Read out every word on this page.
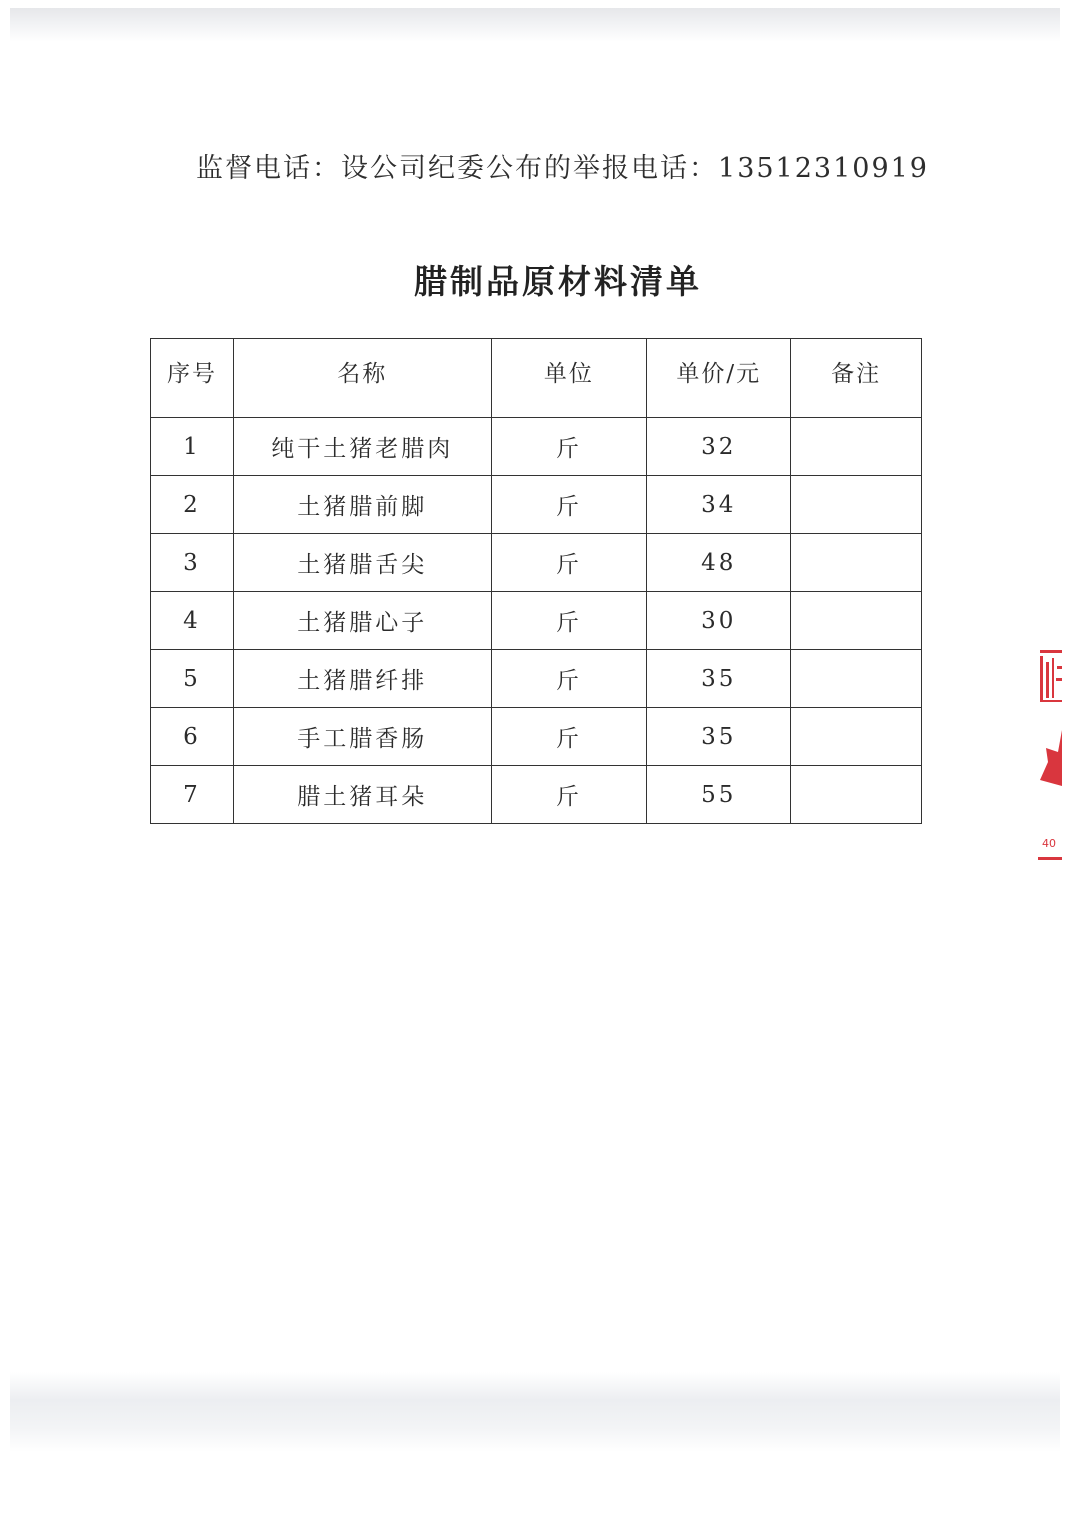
监督电话：设公司纪委公布的举报电话：13512310919
腊制品原材料清单
序号	名称	单位	单价/元	备注
1	纯干土猪老腊肉	斤	32	
2	土猪腊前脚	斤	34	
3	土猪腊舌尖	斤	48	
4	土猪腊心子	斤	30	
5	土猪腊纤排	斤	35	
6	手工腊香肠	斤	35	
7	腊土猪耳朵	斤	55	
40
